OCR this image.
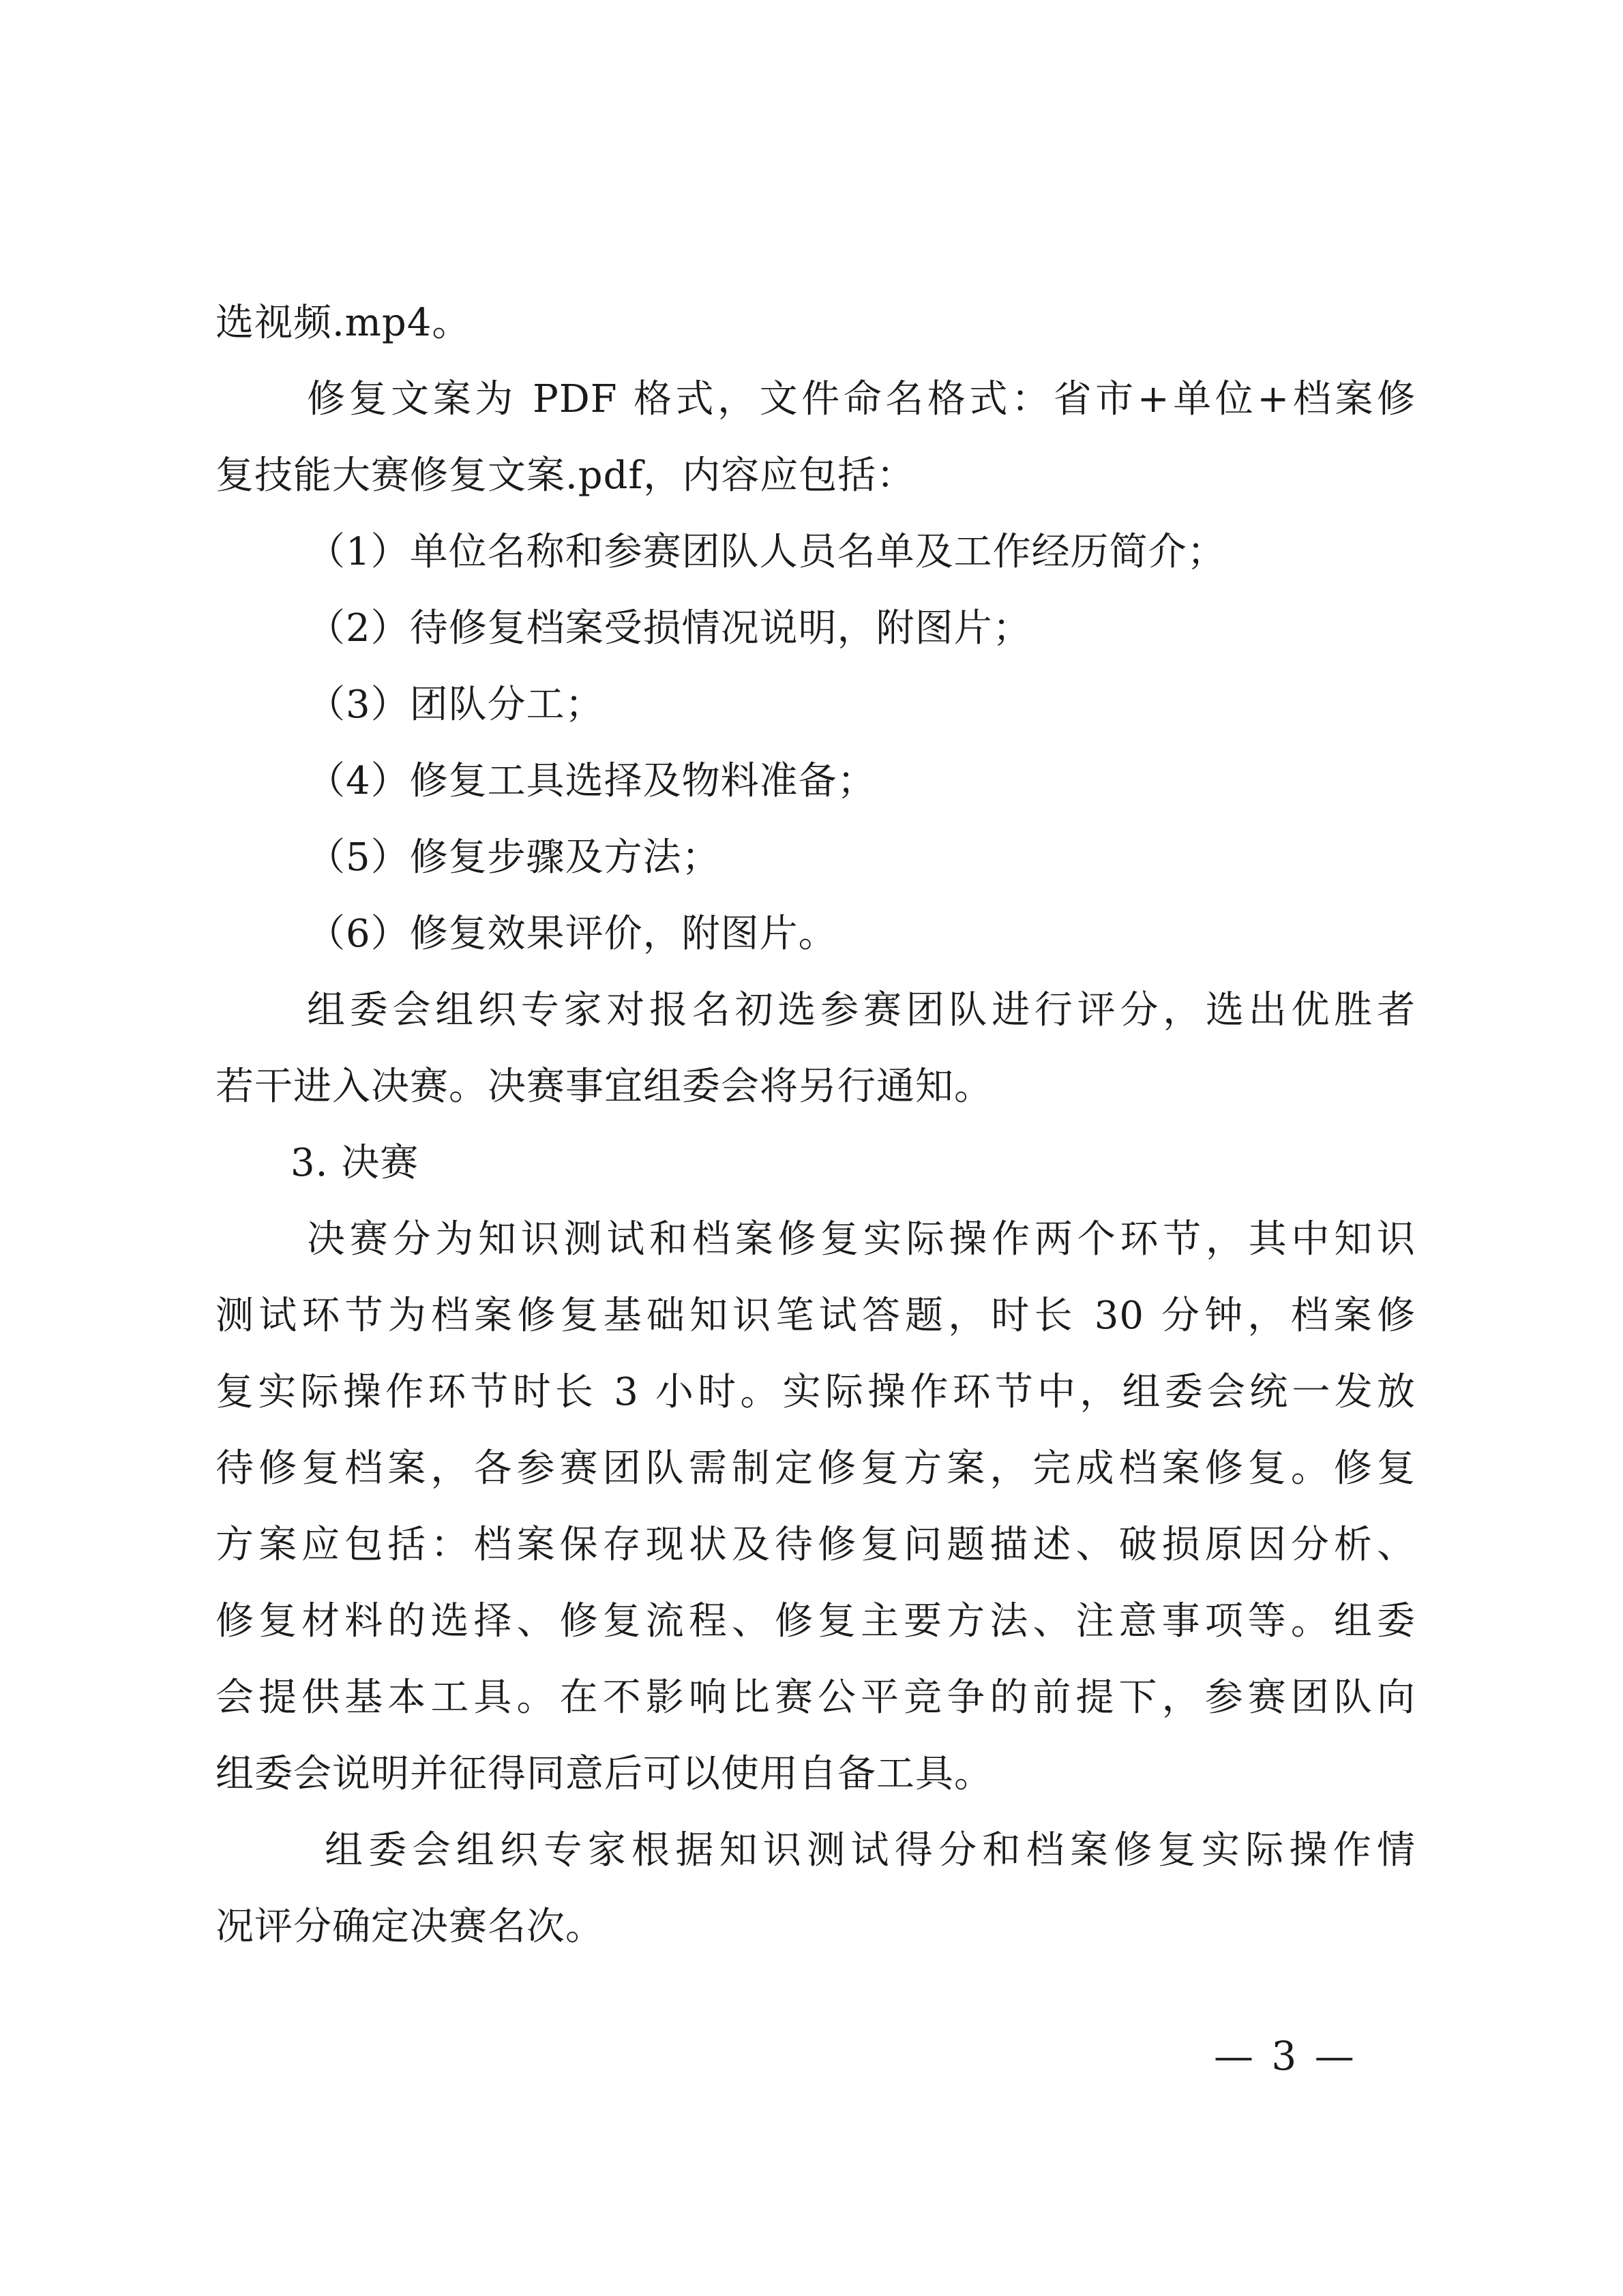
选视频.mp4。
修复文案为 PDF 格式，文件命名格式：省市+单位+档案修
复技能大赛修复文案.pdf，内容应包括：
（1）单位名称和参赛团队人员名单及工作经历简介；
（2）待修复档案受损情况说明，附图片；
（3）团队分工；
（4）修复工具选择及物料准备；
（5）修复步骤及方法；
（6）修复效果评价，附图片。
组委会组织专家对报名初选参赛团队进行评分，选出优胜者
若干进入决赛。决赛事宜组委会将另行通知。
3. 决赛
决赛分为知识测试和档案修复实际操作两个环节，其中知识
测试环节为档案修复基础知识笔试答题，时长 30 分钟，档案修
复实际操作环节时长 3 小时。实际操作环节中，组委会统一发放
待修复档案，各参赛团队需制定修复方案，完成档案修复。修复
方案应包括：档案保存现状及待修复问题描述、破损原因分析、
修复材料的选择、修复流程、修复主要方法、注意事项等。组委
会提供基本工具。在不影响比赛公平竞争的前提下，参赛团队向
组委会说明并征得同意后可以使用自备工具。
组委会组织专家根据知识测试得分和档案修复实际操作情
况评分确定决赛名次。
— 3 —
